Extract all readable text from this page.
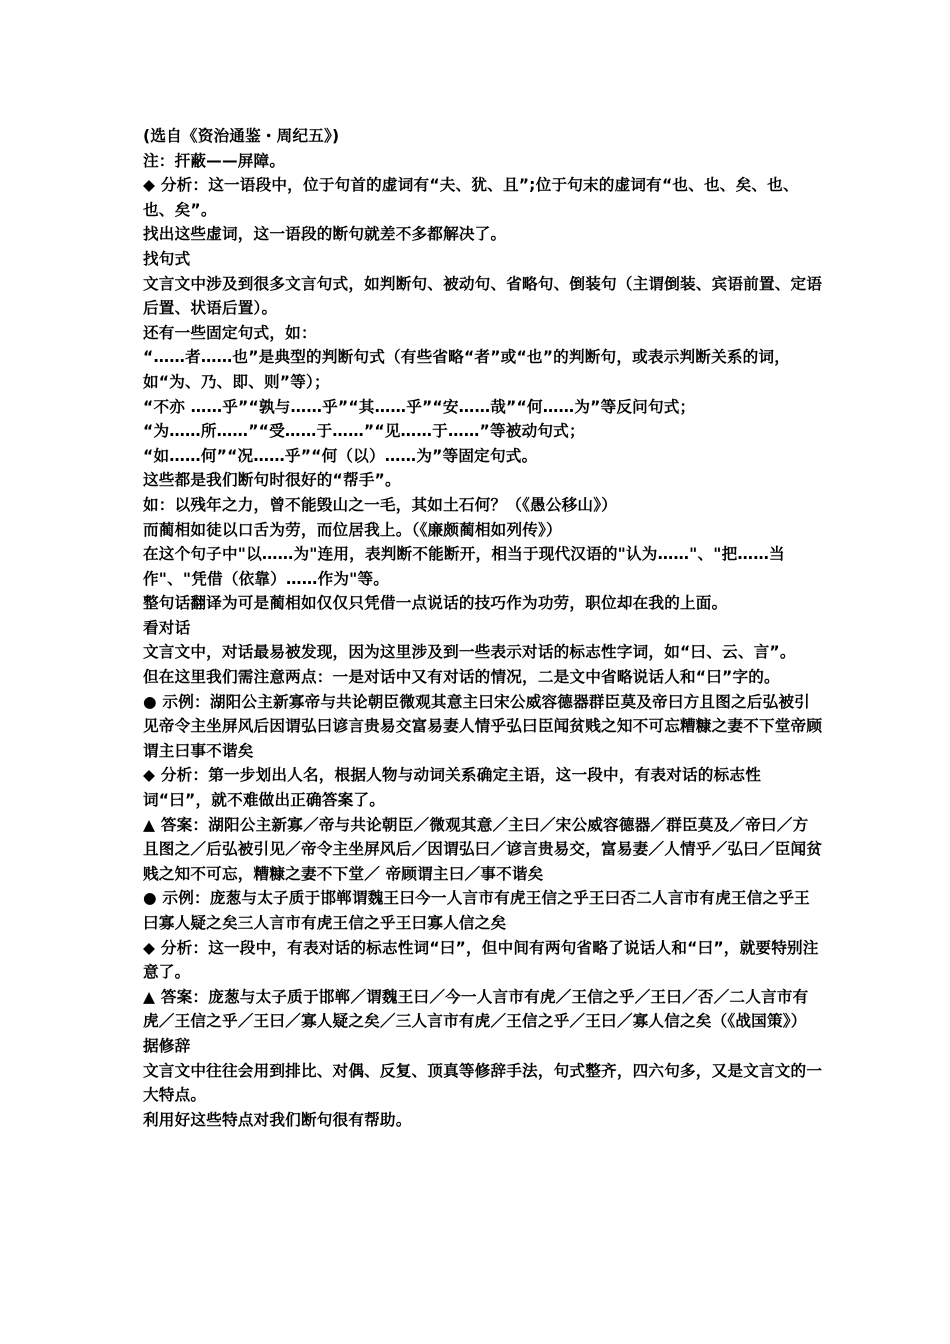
(选自《资治通鉴・周纪五》)

注：扞蔽——屏障。

◆ 分析：这一语段中，位于句首的虚词有“夫、犹、且”;位于句末的虚词有“也、也、矣、也、也、矣”。

找出这些虚词，这一语段的断句就差不多都解决了。

找句式

文言文中涉及到很多文言句式，如判断句、被动句、省略句、倒装句（主谓倒装、宾语前置、定语后置、状语后置）。

还有一些固定句式，如：

“……者……也”是典型的判断句式（有些省略“者”或“也”的判断句，或表示判断关系的词，如“为、乃、即、则”等）；

“不亦 ……乎”“孰与……乎”“其……乎”“安……哉”“何……为”等反问句式；

“为……所……”“受……于……”“见……于……”等被动句式；

“如……何”“况……乎”“何（以）……为”等固定句式。

这些都是我们断句时很好的“帮手”。

如：以残年之力，曾不能毁山之一毛，其如土石何？（《愚公移山》）

而蔺相如徒以口舌为劳，而位居我上。（《廉颇蔺相如列传》）

在这个句子中"以……为"连用，表判断不能断开，相当于现代汉语的"认为……"、"把……当作"、"凭借（依靠）……作为"等。

整句话翻译为可是蔺相如仅仅只凭借一点说话的技巧作为功劳，职位却在我的上面。

看对话

文言文中，对话最易被发现，因为这里涉及到一些表示对话的标志性字词，如“曰、云、言”。

但在这里我们需注意两点：一是对话中又有对话的情况，二是文中省略说话人和“曰”字的。

● 示例：湖阳公主新寡帝与共论朝臣微观其意主曰宋公威容德器群臣莫及帝曰方且图之后弘被引见帝令主坐屏风后因谓弘曰谚言贵易交富易妻人情乎弘曰臣闻贫贱之知不可忘糟糠之妻不下堂帝顾谓主曰事不谐矣

◆ 分析：第一步划出人名，根据人物与动词关系确定主语，这一段中，有表对话的标志性词“曰”，就不难做出正确答案了。

▲ 答案：湖阳公主新寡／帝与共论朝臣／微观其意／主曰／宋公威容德器／群臣莫及／帝曰／方且图之／后弘被引见／帝令主坐屏风后／因谓弘曰／谚言贵易交，富易妻／人情乎／弘曰／臣闻贫贱之知不可忘，糟糠之妻不下堂／ 帝顾谓主曰／事不谐矣

● 示例：庞葱与太子质于邯郸谓魏王曰今一人言市有虎王信之乎王曰否二人言市有虎王信之乎王曰寡人疑之矣三人言市有虎王信之乎王曰寡人信之矣

◆ 分析：这一段中，有表对话的标志性词“曰”，但中间有两句省略了说话人和“曰”，就要特别注意了。

▲ 答案：庞葱与太子质于邯郸／谓魏王曰／今一人言市有虎／王信之乎／王曰／否／二人言市有虎／王信之乎／王曰／寡人疑之矣／三人言市有虎／王信之乎／王曰／寡人信之矣（《战国策》）

据修辞

文言文中往往会用到排比、对偶、反复、顶真等修辞手法，句式整齐，四六句多，又是文言文的一大特点。

利用好这些特点对我们断句很有帮助。
